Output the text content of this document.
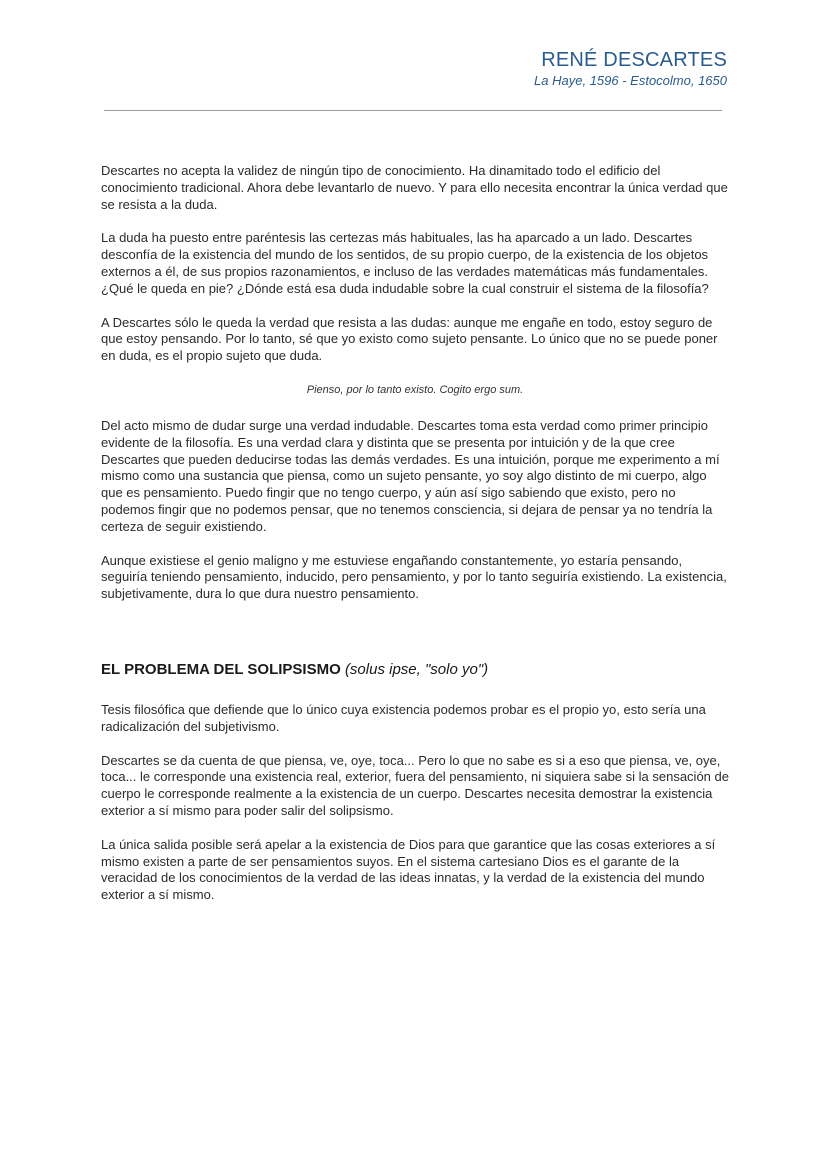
RENÉ DESCARTES
La Haye, 1596 - Estocolmo, 1650

Descartes no acepta la validez de ningún tipo de conocimiento. Ha dinamitado todo el edificio del conocimiento tradicional. Ahora debe levantarlo de nuevo. Y para ello necesita encontrar la única verdad que se resista a la duda.

La duda ha puesto entre paréntesis las certezas más habituales, las ha aparcado a un lado. Descartes desconfía de la existencia del mundo de los sentidos, de su propio cuerpo, de la existencia de los objetos externos a él, de sus propios razonamientos, e incluso de las verdades matemáticas más fundamentales. ¿Qué le queda en pie? ¿Dónde está esa duda indudable sobre la cual construir el sistema de la filosofía?

A Descartes sólo le queda la verdad que resista a las dudas: aunque me engañe en todo, estoy seguro de que estoy pensando. Por lo tanto, sé que yo existo como sujeto pensante. Lo único que no se puede poner en duda, es el propio sujeto que duda.

Pienso, por lo tanto existo. Cogito ergo sum.

Del acto mismo de dudar surge una verdad indudable. Descartes toma esta verdad como primer principio evidente de la filosofía. Es una verdad clara y distinta que se presenta por intuición y de la que cree Descartes que pueden deducirse todas las demás verdades. Es una intuición, porque me experimento a mí mismo como una sustancia que piensa, como un sujeto pensante, yo soy algo distinto de mi cuerpo, algo que es pensamiento. Puedo fingir que no tengo cuerpo, y aún así sigo sabiendo que existo, pero no podemos fingir que no podemos pensar, que no tenemos consciencia, si dejara de pensar ya no tendría la certeza de seguir existiendo.

Aunque existiese el genio maligno y me estuviese engañando constantemente, yo estaría pensando, seguiría teniendo pensamiento, inducido, pero pensamiento, y por lo tanto seguiría existiendo. La existencia, subjetivamente, dura lo que dura nuestro pensamiento.

EL PROBLEMA DEL SOLIPSISMO (solus ipse, "solo yo")

Tesis filosófica que defiende que lo único cuya existencia podemos probar es el propio yo, esto sería una radicalización del subjetivismo.

Descartes se da cuenta de que piensa, ve, oye, toca... Pero lo que no sabe es si a eso que piensa, ve, oye, toca... le corresponde una existencia real, exterior, fuera del pensamiento, ni siquiera sabe si la sensación de cuerpo le corresponde realmente a la existencia de un cuerpo. Descartes necesita demostrar la existencia exterior a sí mismo para poder salir del solipsismo.

La única salida posible será apelar a la existencia de Dios para que garantice que las cosas exteriores a sí mismo existen a parte de ser pensamientos suyos. En el sistema cartesiano Dios es el garante de la veracidad de los conocimientos de la verdad de las ideas innatas, y la verdad de la existencia del mundo exterior a sí mismo.
